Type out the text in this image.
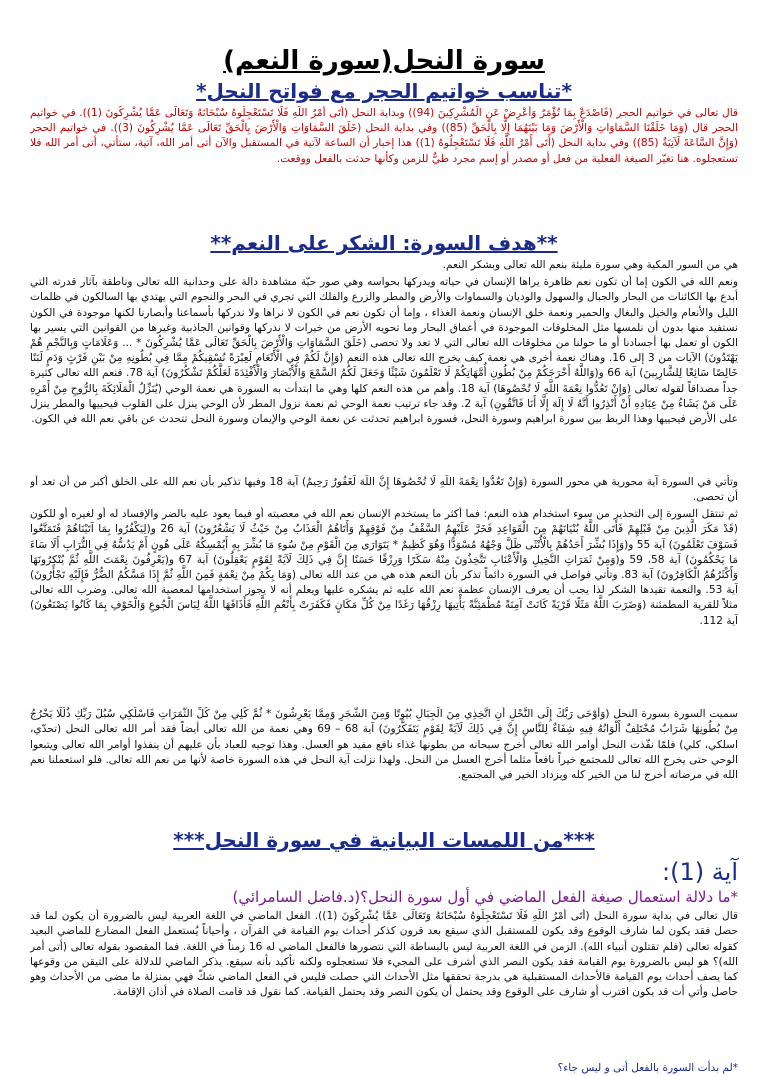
سورة النحل(سورة النعم)
*تناسب خواتيم الحجر مع فواتح النحل*

قال تعالى في خواتيم الحجر (فَاصْدَعْ بِمَا تُؤْمَرُ وَأَعْرِضْ عَنِ الْمُشْرِكِينَ (94)) وبداية النحل (أَتَى أَمْرُ اللَّهِ فَلَا تَسْتَعْجِلُوهُ سُبْحَانَهُ وَتَعَالَى عَمَّا يُشْرِكُونَ (1)). في خواتيم الحجر قال (وَمَا خَلَقْنَا السَّمَاوَاتِ وَالْأَرْضَ وَمَا بَيْنَهُمَا إِلَّا بِالْحَقِّ (85)) وفي بداية النحل (خَلَقَ السَّمَاوَاتِ وَالْأَرْضَ بِالْحَقِّ تَعَالَى عَمَّا يُشْرِكُونَ (3)). في خواتيم الحجر (وَإِنَّ السَّاعَةَ لَآتِيَةٌ (85)) وفي بداية النحل (أَتَى أَمْرُ اللَّهِ فَلَا تَسْتَعْجِلُوهُ (1)) هذا إخبار أن الساعة لآتية في المستقبل والآن أتى أمر الله، آتية، ستأتي، أتى أمر الله فلا تستعجلوه. هنا تغيّر الصيغة الفعلية من فعل أو مصدر أو إسم مجرد طيٌّ للزمن وكأنها حدثت بالفعل ووقعت.

**هدف السورة: الشكر على النعم**

هي من السور المكية وهي سورة مليئة بنعم الله تعالى وبشكر النعم.

ونعم الله في الكون إما أن تكون نعم ظاهرة يراها الإنسان في حياته ويدركها بحواسه وهي صور حيّة مشاهدة دالة على وحدانية الله تعالى وناطقة بآثار قدرته التي أبدع بها الكائنات من البحار والجبال والسهول والوديان والسماوات والأرض والمطر والزرع والفلك التي تجري في البحر والنجوم التي يهتدي بها السالكون في ظلمات الليل والأنعام والخيل والبغال والحمير ونعمة خلق الإنسان ونعمة الغذاء ، وإما أن تكون نعم في الكون لا نراها ولا ندركها بأسماعنا وأبصارنا لكنها موجودة في الكون نستفيد منها بدون أن نلمسها مثل المخلوقات الموجودة في أعماق البحار وما تحويه الأرض من خيرات لا ندركها وقوانين الجاذبية وغيرها من القوانين التي يسير بها الكون أو تعمل بها أجسادنا أو ما حولنا من مخلوقات الله تعالى التي لا تعد ولا تحصى (خَلَقَ السَّمَاوَاتِ وَالْأَرْضَ بِالْحَقِّ تَعَالَى عَمَّا يُشْرِكُونَ * ... وَعَلَامَاتٍ وَبِالنَّجْمِ هُمْ يَهْتَدُونَ) الآيات من 3 إلى 16. وهناك نعمة أخرى هي نعمة كيف يخرج الله تعالى هذه النعم (وَإِنَّ لَكُمْ فِي الْأَنْعَامِ لَعِبْرَةً نُسْقِيكُمْ مِمَّا فِي بُطُونِهِ مِنْ بَيْنِ فَرْثٍ وَدَمٍ لَبَنًا خَالِصًا سَائِغًا لِلشَّارِبِينَ) آية 66 و(وَاللَّهُ أَخْرَجَكُمْ مِنْ بُطُونِ أُمَّهَاتِكُمْ لَا تَعْلَمُونَ شَيْئًا وَجَعَلَ لَكُمُ السَّمْعَ وَالْأَبْصَارَ وَالْأَفْئِدَةَ لَعَلَّكُمْ تَشْكُرُونَ) آية 78. فنعم الله تعالى كثيرة جداً مصداقاً لقوله تعالى (وَإِنْ تَعُدُّوا نِعْمَةَ اللَّهِ لَا تُحْصُوهَا) آية 18. وأهم من هذه النعم كلها وهي ما ابتدأت به السورة هي نعمة الوحي (يُنَزِّلُ الْمَلَائِكَةَ بِالرُّوحِ مِنْ أَمْرِهِ عَلَى مَنْ يَشَاءُ مِنْ عِبَادِهِ أَنْ أَنْذِرُوا أَنَّهُ لَا إِلَهَ إِلَّا أَنَا فَاتَّقُونِ) آية 2. وقد جاء ترتيب نعمة الوحي ثم نعمة نزول المطر لأن الوحي ينزل على القلوب فيحييها والمطر ينزل على الأرض فيحييها وهذا الربط بين سورة ابراهيم وسورة النحل، فسورة ابراهيم تحدثت عن نعمة الوحي والإيمان وسورة النحل تتحدث عن باقي نعم الله في الكون.

وتأتي في السورة آية محورية هي محور السورة (وَإِنْ تَعُدُّوا نِعْمَةَ اللَّهِ لَا تُحْصُوهَا إِنَّ اللَّهَ لَغَفُورٌ رَحِيمٌ) آية 18 وفيها تذكير بأن نعم الله على الخلق أكبر من أن تعد أو أن تحصى.

ثم تنتقل السورة إلى التحذير من سوء استخدام هذه النعم: فما أكثر ما يستخدم الإنسان نعم الله في معصيته أو فيما يعود عليه بالضر والإفساد له أو لغيره أو للكون (قَدْ مَكَرَ الَّذِينَ مِنْ قَبْلِهِمْ فَأَتَى اللَّهُ بُنْيَانَهُمْ مِنَ الْقَوَاعِدِ فَخَرَّ عَلَيْهِمُ السَّقْفُ مِنْ فَوْقِهِمْ وَأَتَاهُمُ الْعَذَابُ مِنْ حَيْثُ لَا يَشْعُرُونَ) آية 26 و(لِيَكْفُرُوا بِمَا آتَيْنَاهُمْ فَتَمَتَّعُوا فَسَوْفَ تَعْلَمُونَ) آية 55 و(وَإِذَا بُشِّرَ أَحَدُهُمْ بِالْأُنْثَى ظَلَّ وَجْهُهُ مُسْوَدًّا وَهُوَ كَظِيمٌ * يَتَوَارَى مِنَ الْقَوْمِ مِنْ سُوءِ مَا بُشِّرَ بِهِ أَيُمْسِكُهُ عَلَى هُونٍ أَمْ يَدُسُّهُ فِي التُّرَابِ أَلَا سَاءَ مَا يَحْكُمُونَ) آية 58، 59 و(وَمِنْ ثَمَرَاتِ النَّخِيلِ وَالْأَعْنَابِ تَتَّخِذُونَ مِنْهُ سَكَرًا وَرِزْقًا حَسَنًا إِنَّ فِي ذَلِكَ لَآيَةً لِقَوْمٍ يَعْقِلُونَ) آية 67 و(يَعْرِفُونَ نِعْمَتَ اللَّهِ ثُمَّ يُنْكِرُونَهَا وَأَكْثَرُهُمُ الْكَافِرُونَ) آية 83. وتأتي فواصل في السورة دائماً تذكر بأن النعم هذه هي من عند الله تعالى (وَمَا بِكُمْ مِنْ نِعْمَةٍ فَمِنَ اللَّهِ ثُمَّ إِذَا مَسَّكُمُ الضُّرُّ فَإِلَيْهِ تَجْأَرُونَ) آية 53. والنعمة تقيدها الشكر لذا يجب أن يعرف الإنسان عظمة نعم الله عليه ثم يشكره عليها ويعلم أنه لا يجوز استخدامها لمعصية الله تعالى. وضرب الله تعالى مثلاً للقرية المطمئنة (وَضَرَبَ اللَّهُ مَثَلًا قَرْيَةً كَانَتْ آمِنَةً مُطْمَئِنَّةً يَأْتِيهَا رِزْقُهَا رَغَدًا مِنْ كُلِّ مَكَانٍ فَكَفَرَتْ بِأَنْعُمِ اللَّهِ فَأَذَاقَهَا اللَّهُ لِبَاسَ الْجُوعِ وَالْخَوْفِ بِمَا كَانُوا يَصْنَعُونَ) آية 112.

سميت السورة بسورة النحل (وَأَوْحَى رَبُّكَ إِلَى النَّحْلِ أَنِ اتَّخِذِي مِنَ الْجِبَالِ بُيُوتًا وَمِنَ الشَّجَرِ وَمِمَّا يَعْرِشُونَ * ثُمَّ كُلِي مِنْ كُلِّ الثَّمَرَاتِ فَاسْلُكِي سُبُلَ رَبِّكِ ذُلُلًا يَخْرُجُ مِنْ بُطُونِهَا شَرَابٌ مُخْتَلِفٌ أَلْوَانُهُ فِيهِ شِفَاءٌ لِلنَّاسِ إِنَّ فِي ذَلِكَ لَآيَةً لِقَوْمٍ يَتَفَكَّرُونَ) آية 68 – 69 وهي نعمة من الله تعالى أيضاً فقد أمر الله تعالى النحل (تحدّي، اسلكي، كلي) فلمّا نفّذت النحل أوامر الله تعالى أخرج سبحانه من بطونها غذاء نافع مفيد هو العسل. وهذا توجيه للعباد بأن عليهم أن ينفذوا أوامر الله تعالى ويتبعوا الوحي حتى يخرج الله تعالى للمجتمع خيراً نافعاً مثلما أخرج العسل من النحل. ولهذا نزلت آية النحل في هذه السورة خاصة لأنها من نعم الله تعالى. فلو استعملنا نعم الله في مرضاته أخرج لنا من الخير كله ويزداد الخير في المجتمع.

***من اللمسات البيانية في سورة النحل***
آية (1):
*ما دلالة استعمال صيغة الفعل الماضي في أول سورة النحل؟(د.فاضل السامرائي)

قال تعالى في بداية سورة النحل (أَتَى أَمْرُ اللَّهِ فَلَا تَسْتَعْجِلُوهُ سُبْحَانَهُ وَتَعَالَى عَمَّا يُشْرِكُونَ (1)). الفعل الماضي في اللغة العربية ليس بالضرورة أن يكون لما قد حصل فقد يكون لما شارف الوقوع وقد يكون للمستقبل الذي سيقع بعد قرون كذكر أحداث يوم القيامة في القرآن ، وأحياناً يُستعمل الفعل المضارع للماضي البعيد كقوله تعالى (فلم تقتلون أنبياء الله). الزمن في اللغة العربية ليس بالبساطة التي نتصورها فالفعل الماضي له 16 زمناً في اللغة. فما المقصود بقوله تعالى (أتى أمر الله)؟ هو ليس بالضرورة يوم القيامة فقد يكون النصر الذي أشرف على المجيء فلا تستعجلوه ولكنه تأكيد بأنه سيقع. يذكر الماضي للدلالة على التيقن من وقوعها كما يصف أحداث يوم القيامة فالأحداث المستقبلية هي بدرجة تحققها مثل الأحداث التي حصلت فليس في الفعل الماضي شكّ فهي بمنزلة ما مضى من الأحداث وهو حاصل وأتي أت قد يكون اقترب أو شارف على الوقوع وقد يحتمل أن يكون النصر وقد يحتمل القيامة. كما نقول قد قامت الصلاة في أذان الإقامة.

*لم بدأت السورة بالفعل أتى و ليس جاء؟
